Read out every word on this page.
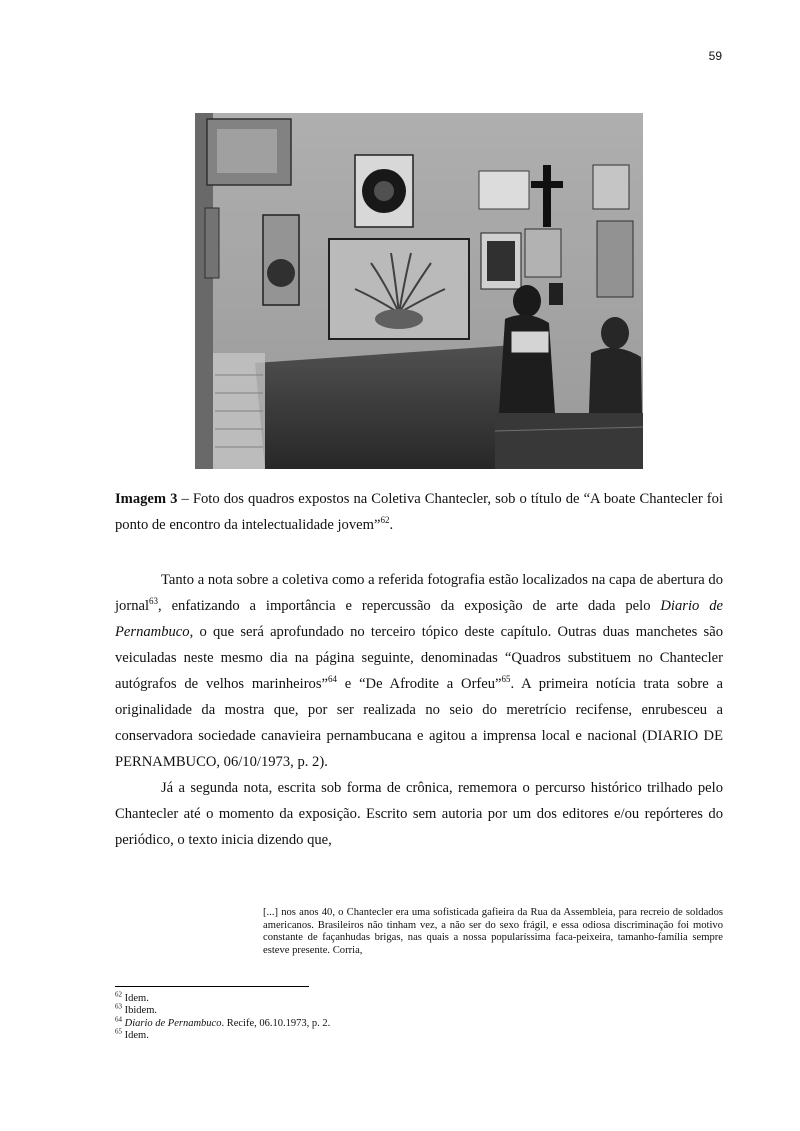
59
Imagem 3 – Foto dos quadros expostos na Coletiva Chantecler, sob o título de “A boate Chantecler foi ponto de encontro da intelectualidade jovem”$^{62}$.

Tanto a nota sobre a coletiva como a referida fotografia estão localizados na capa de abertura do jornal$^{63}$, enfatizando a importância e repercussão da exposição de arte dada pelo Diario de Pernambuco, o que será aprofundado no terceiro tópico deste capítulo. Outras duas manchetes são veiculadas neste mesmo dia na página seguinte, denominadas “Quadros substituem no Chantecler autógrafos de velhos marinheiros”$^{64}$ e “De Afrodite a Orfeu”$^{65}$. A primeira notícia trata sobre a originalidade da mostra que, por ser realizada no seio do meretrício recifense, enrubesceu a conservadora sociedade canavieira pernambucana e agitou a imprensa local e nacional (DIARIO DE PERNAMBUCO, 06/10/1973, p. 2).

Já a segunda nota, escrita sob forma de crônica, rememora o percurso histórico trilhado pelo Chantecler até o momento da exposição. Escrito sem autoria por um dos editores e/ou repórteres do periódico, o texto inicia dizendo que,

[...] nos anos 40, o Chantecler era uma sofisticada gafieira da Rua da Assembleia, para recreio de soldados americanos. Brasileiros não tinham vez, a não ser do sexo frágil, e essa odiosa discriminação foi motivo constante de façanhudas brigas, nas quais a nossa popularíssima faca-peixeira, tamanho-família sempre esteve presente. Corria,
$^{62}$ Idem.
$^{63}$ Ibidem.
$^{64}$ Diario de Pernambuco. Recife, 06.10.1973, p. 2.
$^{65}$ Idem.
